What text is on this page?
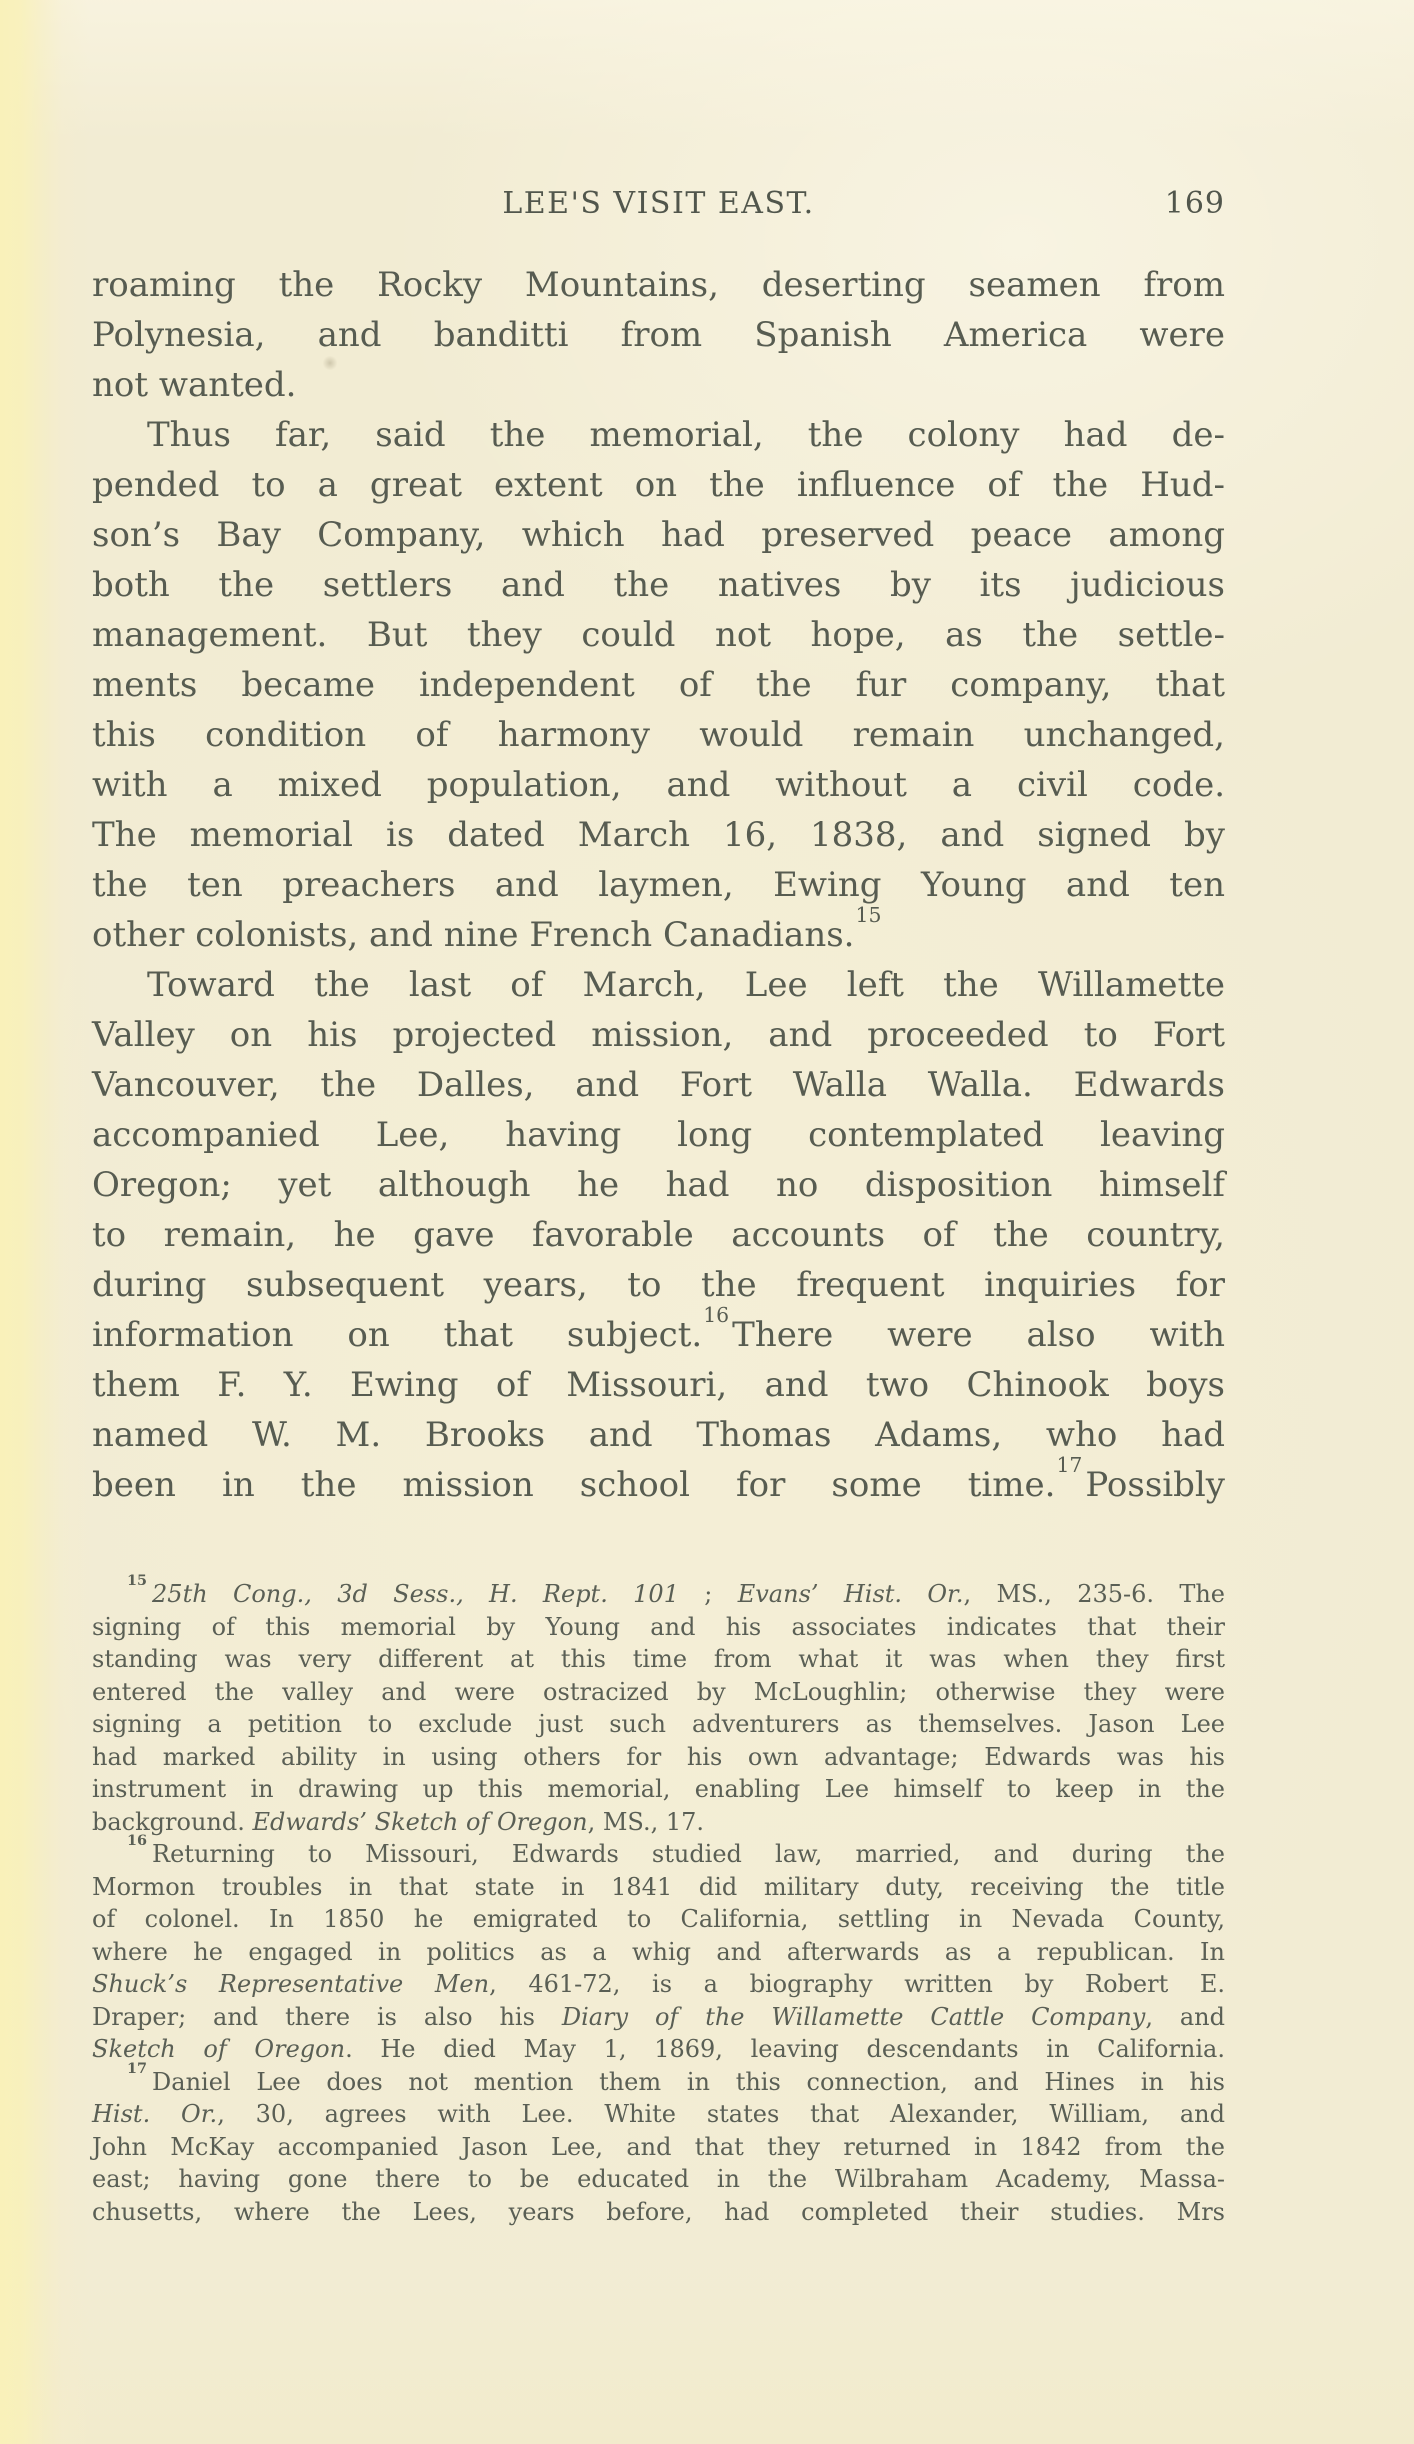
LEE'S VISIT EAST.	169
roaming the Rocky Mountains, deserting seamen from
Polynesia, and banditti from Spanish America were
not wanted.
Thus far, said the memorial, the colony had de-
pended to a great extent on the influence of the Hud-
son’s Bay Company, which had preserved peace among
both the settlers and the natives by its judicious
management. But they could not hope, as the settle-
ments became independent of the fur company, that
this condition of harmony would remain unchanged,
with a mixed population, and without a civil code.
The memorial is dated March 16, 1838, and signed by
the ten preachers and laymen, Ewing Young and ten
other colonists, and nine French Canadians.$^{15}$
Toward the last of March, Lee left the Willamette
Valley on his projected mission, and proceeded to Fort
Vancouver, the Dalles, and Fort Walla Walla. Edwards
accompanied Lee, having long contemplated leaving
Oregon; yet although he had no disposition himself
to remain, he gave favorable accounts of the country,
during subsequent years, to the frequent inquiries for
information on that subject.$^{16}$There were also with
them F. Y. Ewing of Missouri, and two Chinook boys
named W. M. Brooks and Thomas Adams, who had
been in the mission school for some time.$^{17}$Possibly
$^{15}$ 25th Cong., 3d Sess., H. Rept. 101 ; Evans’ Hist. Or., MS., 235-6. The
signing of this memorial by Young and his associates indicates that their
standing was very different at this time from what it was when they first
entered the valley and were ostracized by McLoughlin; otherwise they were
signing a petition to exclude just such adventurers as themselves. Jason Lee
had marked ability in using others for his own advantage; Edwards was his
instrument in drawing up this memorial, enabling Lee himself to keep in the
background. Edwards’ Sketch of Oregon, MS., 17.
$^{16}$ Returning to Missouri, Edwards studied law, married, and during the
Mormon troubles in that state in 1841 did military duty, receiving the title
of colonel. In 1850 he emigrated to California, settling in Nevada County,
where he engaged in politics as a whig and afterwards as a republican. In
Shuck’s Representative Men, 461-72, is a biography written by Robert E.
Draper; and there is also his Diary of the Willamette Cattle Company, and
Sketch of Oregon. He died May 1, 1869, leaving descendants in California.
$^{17}$ Daniel Lee does not mention them in this connection, and Hines in his
Hist. Or., 30, agrees with Lee. White states that Alexander, William, and
John McKay accompanied Jason Lee, and that they returned in 1842 from the
east; having gone there to be educated in the Wilbraham Academy, Massa-
chusetts, where the Lees, years before, had completed their studies. Mrs
